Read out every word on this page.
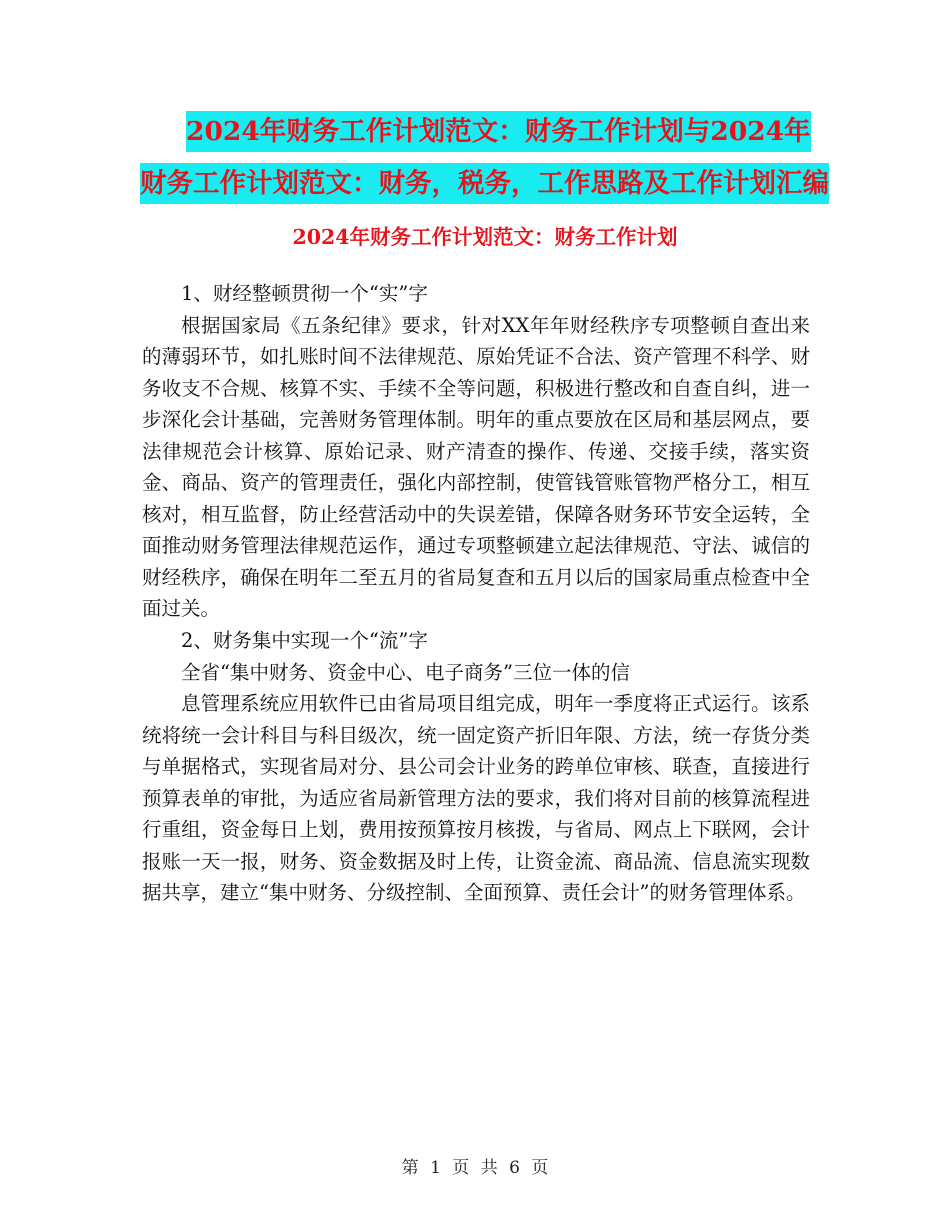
2024年财务工作计划范文：财务工作计划与2024年财务工作计划范文：财务，税务，工作思路及工作计划汇编
2024年财务工作计划范文：财务工作计划

1、财经整顿贯彻一个“实”字

根据国家局《五条纪律》要求，针对XX年年财经秩序专项整顿自查出来的薄弱环节，如扎账时间不法律规范、原始凭证不合法、资产管理不科学、财务收支不合规、核算不实、手续不全等问题，积极进行整改和自查自纠，进一步深化会计基础，完善财务管理体制。明年的重点要放在区局和基层网点，要法律规范会计核算、原始记录、财产清查的操作、传递、交接手续，落实资金、商品、资产的管理责任，强化内部控制，使管钱管账管物严格分工，相互核对，相互监督，防止经营活动中的失误差错，保障各财务环节安全运转，全面推动财务管理法律规范运作，通过专项整顿建立起法律规范、守法、诚信的财经秩序，确保在明年二至五月的省局复查和五月以后的国家局重点检查中全面过关。

2、财务集中实现一个“流”字

全省“集中财务、资金中心、电子商务”三位一体的信

息管理系统应用软件已由省局项目组完成，明年一季度将正式运行。该系统将统一会计科目与科目级次，统一固定资产折旧年限、方法，统一存货分类与单据格式，实现省局对分、县公司会计业务的跨单位审核、联查，直接进行预算表单的审批，为适应省局新管理方法的要求，我们将对目前的核算流程进行重组，资金每日上划，费用按预算按月核拨，与省局、网点上下联网，会计报账一天一报，财务、资金数据及时上传，让资金流、商品流、信息流实现数据共享，建立“集中财务、分级控制、全面预算、责任会计”的财务管理体系。

第 1 页 共 6 页
